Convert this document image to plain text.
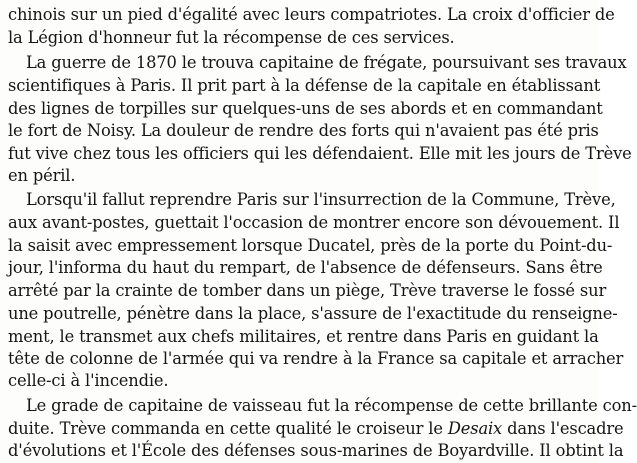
chinois sur un pied d'égalité avec leurs compatriotes. La croix d'officier de
la Légion d'honneur fut la récompense de ces services.
La guerre de 1870 le trouva capitaine de frégate, poursuivant ses travaux
scientifiques à Paris. Il prit part à la défense de la capitale en établissant
des lignes de torpilles sur quelques-uns de ses abords et en commandant
le fort de Noisy. La douleur de rendre des forts qui n'avaient pas été pris
fut vive chez tous les officiers qui les défendaient. Elle mit les jours de Trève
en péril.
Lorsqu'il fallut reprendre Paris sur l'insurrection de la Commune, Trève,
aux avant-postes, guettait l'occasion de montrer encore son dévouement. Il
la saisit avec empressement lorsque Ducatel, près de la porte du Point-du-
jour, l'informa du haut du rempart, de l'absence de défenseurs. Sans être
arrêté par la crainte de tomber dans un piège, Trève traverse le fossé sur
une poutrelle, pénètre dans la place, s'assure de l'exactitude du renseigne-
ment, le transmet aux chefs militaires, et rentre dans Paris en guidant la
tête de colonne de l'armée qui va rendre à la France sa capitale et arracher
celle-ci à l'incendie.
Le grade de capitaine de vaisseau fut la récompense de cette brillante con-
duite. Trève commanda en cette qualité le croiseur le Desaix dans l'escadre
d'évolutions et l'École des défenses sous-marines de Boyardville. Il obtint la
